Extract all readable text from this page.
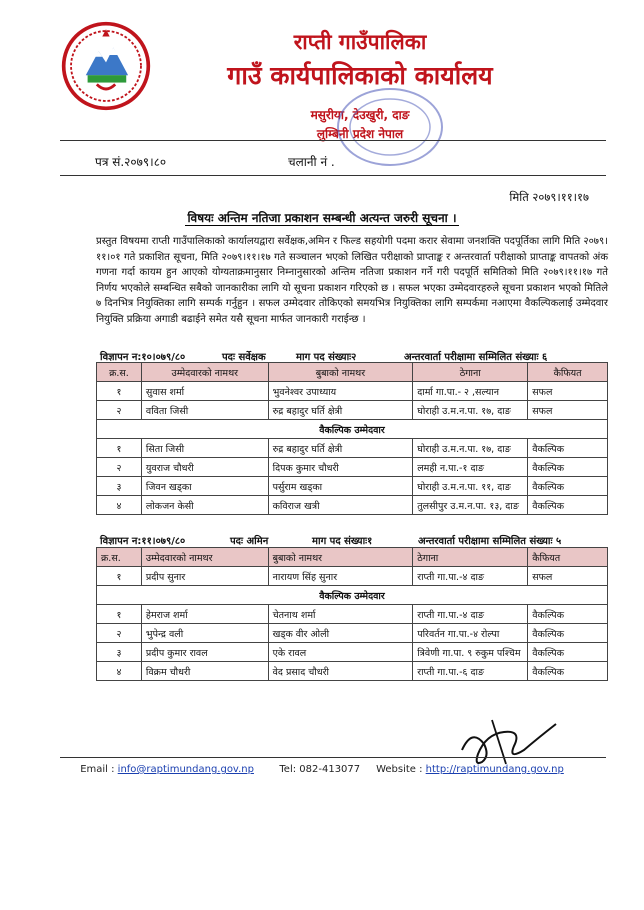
राप्ती गाउँपालिका
गाउँ कार्यपालिकाको कार्यालय
मसुरीया, देउखुरी, दाङ
लुम्बिनी प्रदेश नेपाल
पत्र सं.२०७९।८०	चलानी नं .
मिति २०७९।११।१७
विषयः अन्तिम नतिजा प्रकाशन सम्बन्धी अत्यन्त जरुरी सूचना ।
प्रस्तुत विषयमा राप्ती गाउँपालिकाको कार्यालयद्वारा सर्वेक्षक,अमिन र फिल्ड सहयोगी पदमा करार सेवामा जनशक्ति पदपूर्तिका लागि मिति २०७९।११।०१ गते प्रकाशित सूचना, मिति २०७९।११।१७ गते सञ्चालन भएको लिखित परीक्षाको प्राप्ताङ्क र अन्तरवार्ता परीक्षाको प्राप्ताङ्क वापतको अंक गणना गर्दा कायम हुन आएको योग्यताक्रमानुसार निम्नानुसारको अन्तिम नतिजा प्रकाशन गर्ने गरी पदपूर्ति समितिको मिति २०७९।११।१७ गते निर्णय भएकोले सम्बन्धित सबैको जानकारीका लागि यो सूचना प्रकाशन गरिएको छ । सफल भएका उम्मेदवारहरुले सूचना प्रकाशन भएको मितिले ७ दिनभित्र नियुक्तिका लागि सम्पर्क गर्नुहुन । सफल उम्मेदवार तोकिएको समयभित्र नियुक्तिका लागि सम्पर्कमा नआएमा वैकल्पिकलाई उम्मेदवार नियुक्ति प्रक्रिया अगाडी बढाईने समेत यसै सूचना मार्फत जानकारी गराईन्छ ।
विज्ञापन न:१०।०७९/८०	पदः सर्वेक्षक	माग पद संख्याः२	अन्तरवार्ता परीक्षामा सम्मिलित संख्याः ६
क्र.स.	उम्मेदवारको नामथर	बुबाको नामथर	ठेगाना	कैफियत
१	सुवास शर्मा	भुवनेश्वर उपाध्याय	दार्मा गा.पा.- २ ,सल्यान	सफल
२	वविता जिसी	रुद्र बहादुर घर्ति क्षेत्री	घोराही उ.म.न.पा. १७, दाङ	सफल
वैकल्पिक उम्मेदवार				
१	सिता जिसी	रुद्र बहादुर घर्ति क्षेत्री	घोराही उ.म.न.पा. १७, दाङ	वैकल्पिक
२	युवराज चौधरी	दिपक कुमार चौधरी	लमही न.पा.-१ दाङ	वैकल्पिक
३	जिवन खड्का	पर्सुराम खड्का	घोराही उ.म.न.पा. ११, दाङ	वैकल्पिक
४	लोकजन केसी	कविराज खत्री	तुलसीपुर उ.म.न.पा. १३, दाङ	वैकल्पिक
विज्ञापन न:११।०७९/८०	पदः अमिन	माग पद संख्याः१	अन्तरवार्ता परीक्षामा सम्मिलित संख्याः ५
क्र.स.	उम्मेदवारको नामथर	बुबाको नामथर	ठेगाना	कैफियत
१	प्रदीप सुनार	नारायण सिंह सुनार	राप्ती गा.पा.-४ दाङ	सफल
वैकल्पिक उम्मेदवार				
१	हेमराज शर्मा	चेतनाथ शर्मा	राप्ती गा.पा.-४ दाङ	वैकल्पिक
२	भुपेन्द्र वली	खड्क वीर ओली	परिवर्तन गा.पा.-४ रोल्पा	वैकल्पिक
३	प्रदीप कुमार रावल	एके रावल	त्रिवेणी गा.पा. ९ रुकुम पश्चिम	वैकल्पिक
४	विक्रम चौधरी	वेद प्रसाद चौधरी	राप्ती गा.पा.-६ दाङ	वैकल्पिक
Email : info@raptimundang.gov.np	Tel: 082-413077 Website : http://raptimundang.gov.np
